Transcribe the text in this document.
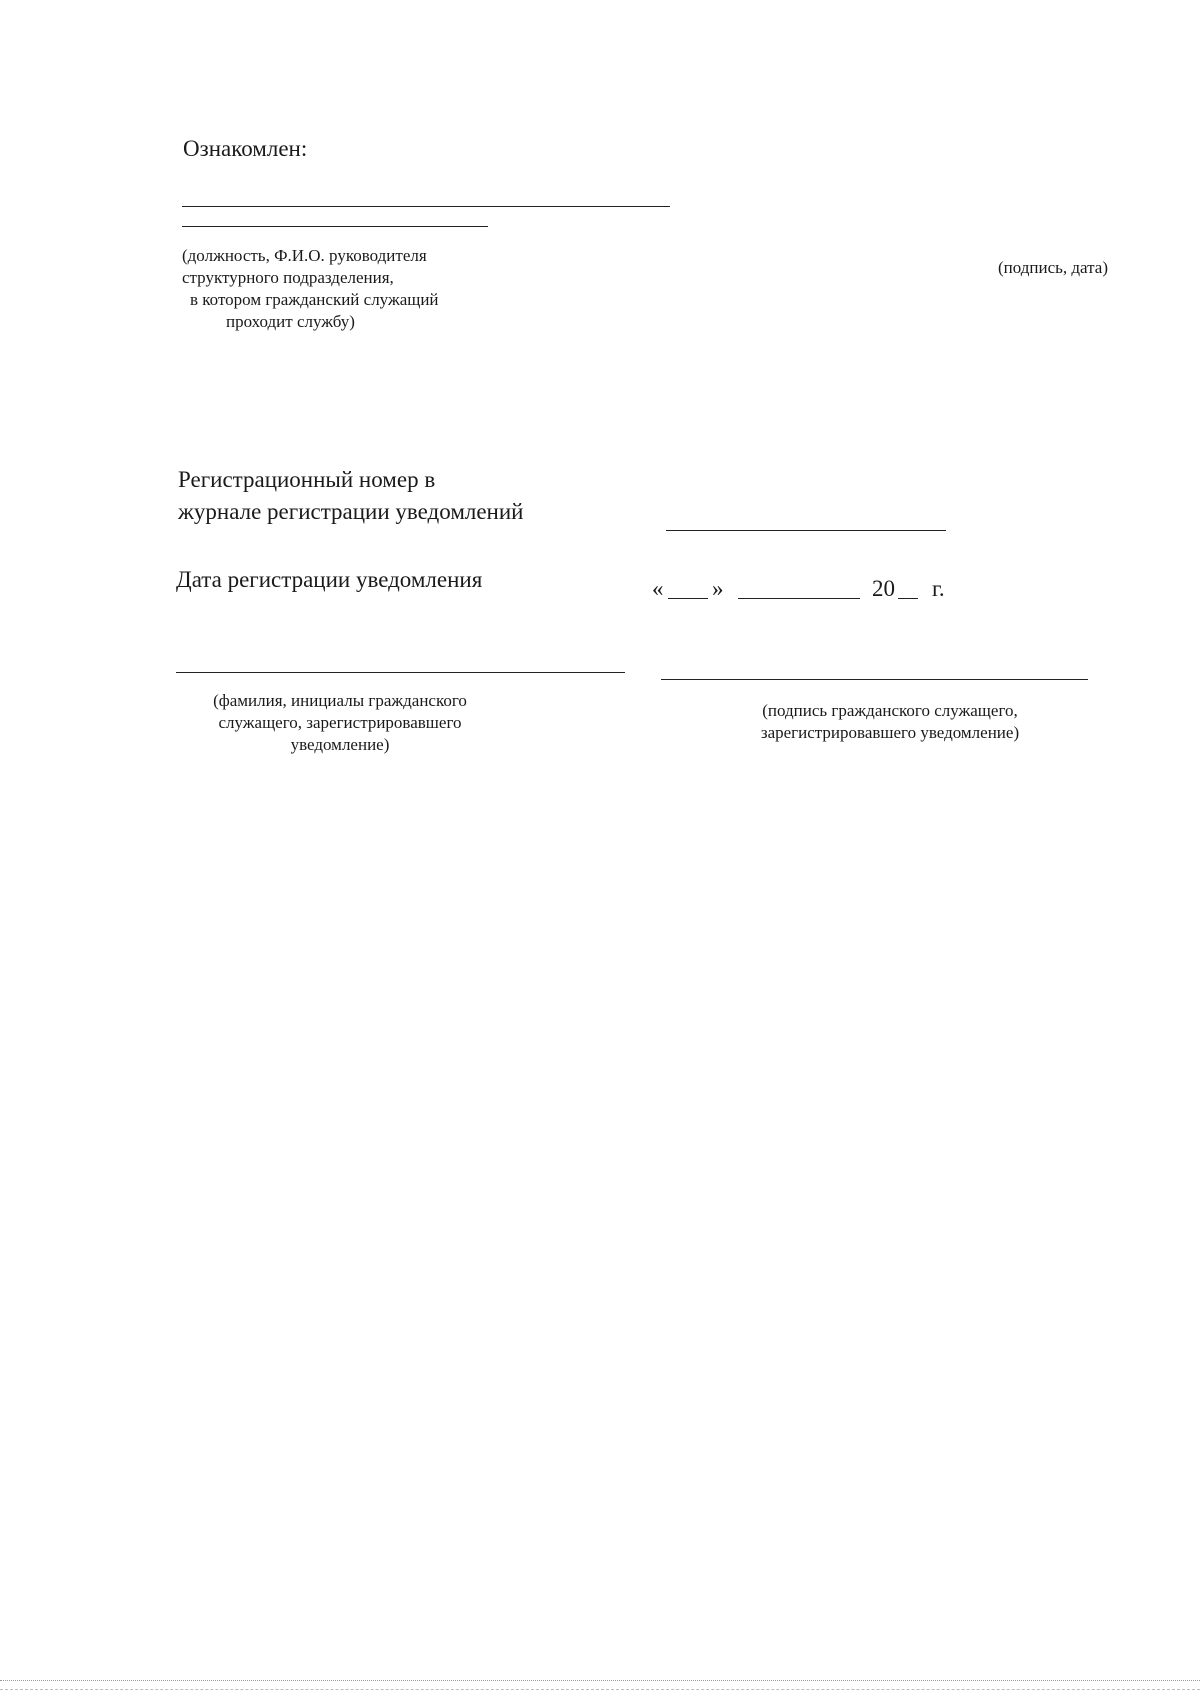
Ознакомлен:
(должность, Ф.И.О. руководителя
структурного подразделения,
в котором гражданский служащий
проходит службу)
(подпись, дата)
Регистрационный номер в
журнале регистрации уведомлений
Дата регистрации уведомления	« »	20 г.
(фамилия, инициалы гражданского
служащего, зарегистрировавшего
уведомление)
(подпись гражданского служащего,
зарегистрировавшего уведомление)
